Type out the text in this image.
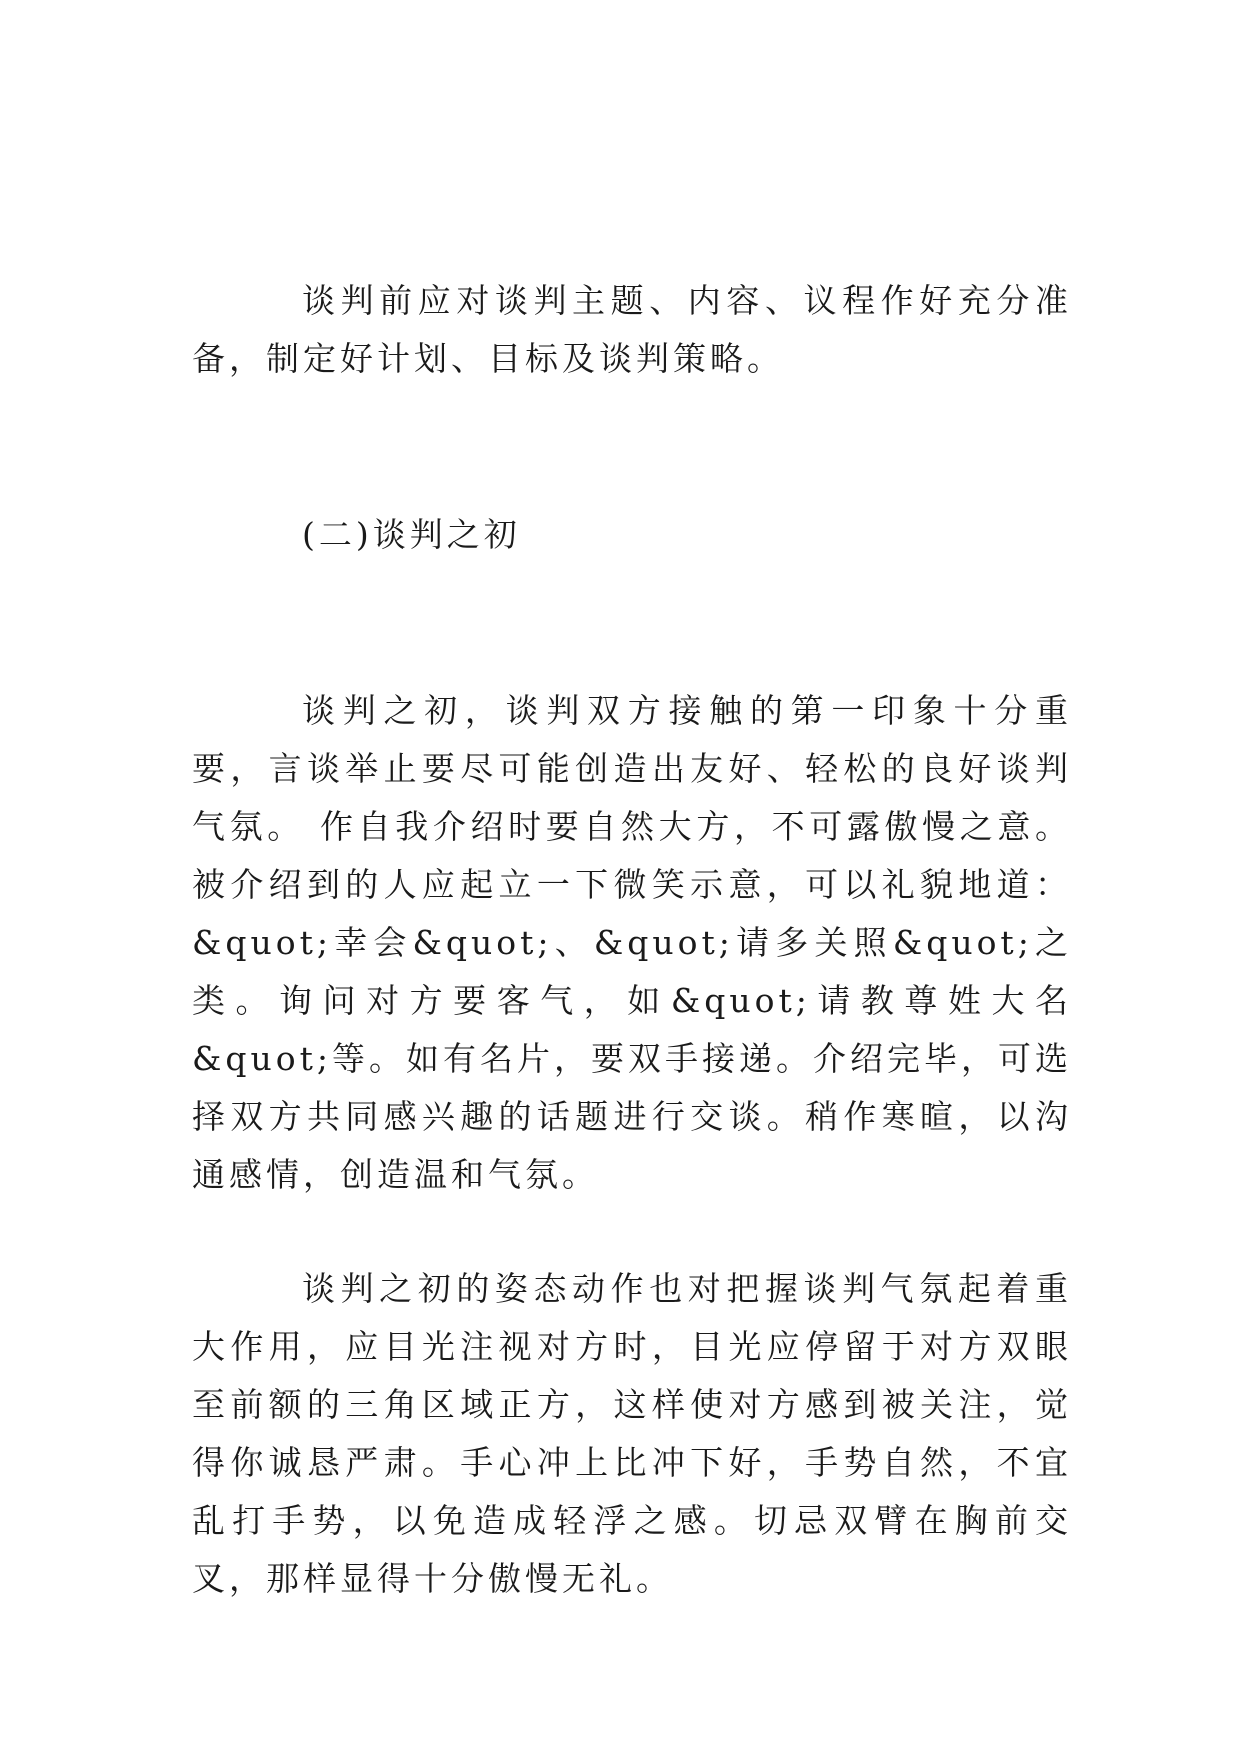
谈判前应对谈判主题、内容、议程作好充分准备，制定好计划、目标及谈判策略。

(二)谈判之初

谈判之初，谈判双方接触的第一印象十分重要，言谈举止要尽可能创造出友好、轻松的良好谈判气氛。 作自我介绍时要自然大方，不可露傲慢之意。被介绍到的人应起立一下微笑示意，可以礼貌地道：&quot;幸会&quot;、&quot;请多关照&quot;之类。询问对方要客气，如&quot;请教尊姓大名&quot;等。如有名片，要双手接递。介绍完毕，可选择双方共同感兴趣的话题进行交谈。稍作寒暄，以沟通感情，创造温和气氛。

谈判之初的姿态动作也对把握谈判气氛起着重大作用，应目光注视对方时，目光应停留于对方双眼至前额的三角区域正方，这样使对方感到被关注，觉得你诚恳严肃。手心冲上比冲下好，手势自然，不宜乱打手势，以免造成轻浮之感。切忌双臂在胸前交叉，那样显得十分傲慢无礼。
